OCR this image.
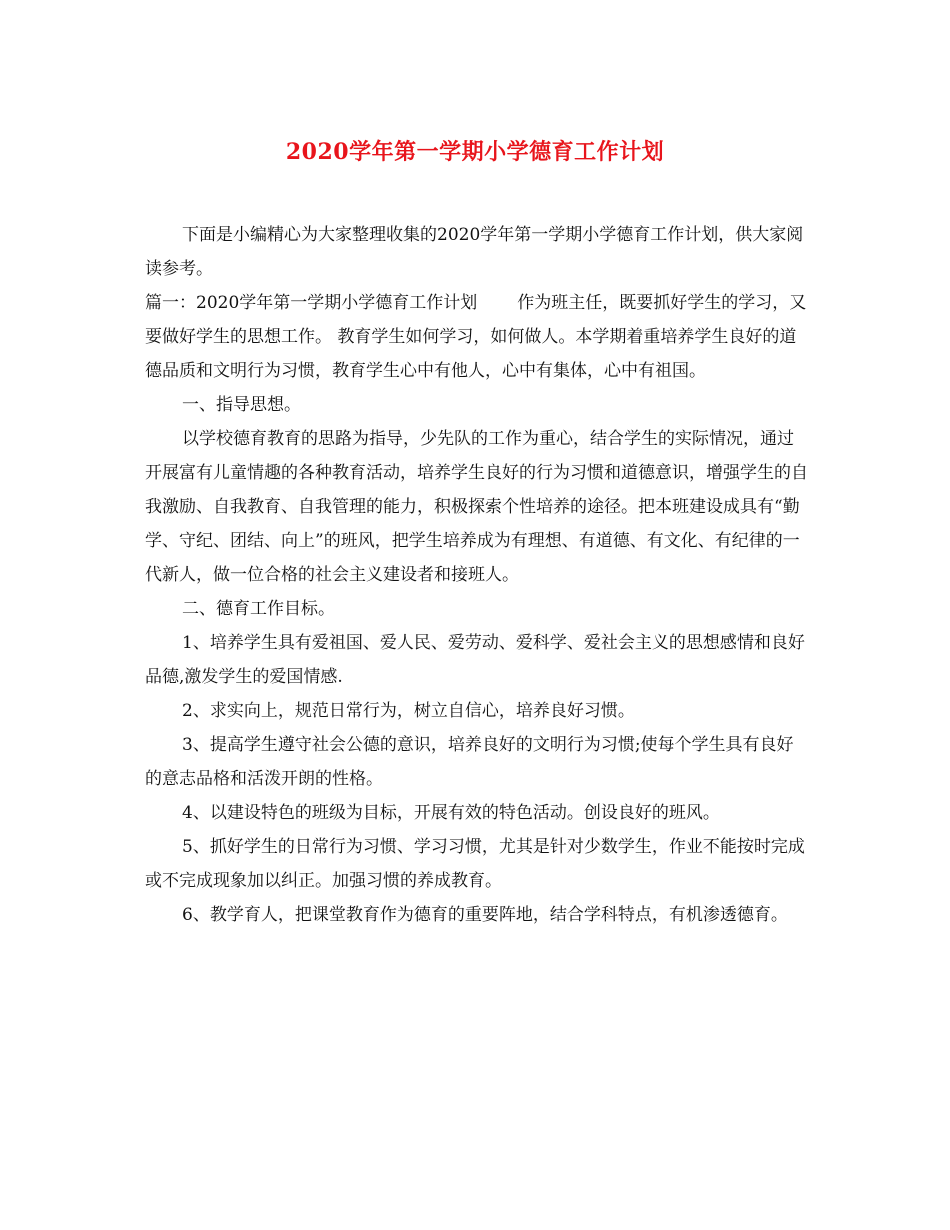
2020学年第一学期小学德育工作计划

下面是小编精心为大家整理收集的2020学年第一学期小学德育工作计划，供大家阅读参考。

篇一：2020学年第一学期小学德育工作计划 作为班主任，既要抓好学生的学习，又要做好学生的思想工作。 教育学生如何学习，如何做人。本学期着重培养学生良好的道德品质和文明行为习惯，教育学生心中有他人，心中有集体，心中有祖国。

一、指导思想。

以学校德育教育的思路为指导，少先队的工作为重心，结合学生的实际情况，通过开展富有儿童情趣的各种教育活动，培养学生良好的行为习惯和道德意识，增强学生的自我激励、自我教育、自我管理的能力，积极探索个性培养的途径。把本班建设成具有“勤学、守纪、团结、向上”的班风，把学生培养成为有理想、有道德、有文化、有纪律的一代新人，做一位合格的社会主义建设者和接班人。

二、德育工作目标。

1、培养学生具有爱祖国、爱人民、爱劳动、爱科学、爱社会主义的思想感情和良好品德,激发学生的爱国情感.

2、求实向上，规范日常行为，树立自信心，培养良好习惯。

3、提高学生遵守社会公德的意识，培养良好的文明行为习惯;使每个学生具有良好的意志品格和活泼开朗的性格。

4、以建设特色的班级为目标，开展有效的特色活动。创设良好的班风。

5、抓好学生的日常行为习惯、学习习惯，尤其是针对少数学生，作业不能按时完成或不完成现象加以纠正。加强习惯的养成教育。

6、教学育人，把课堂教育作为德育的重要阵地，结合学科特点，有机渗透德育。
